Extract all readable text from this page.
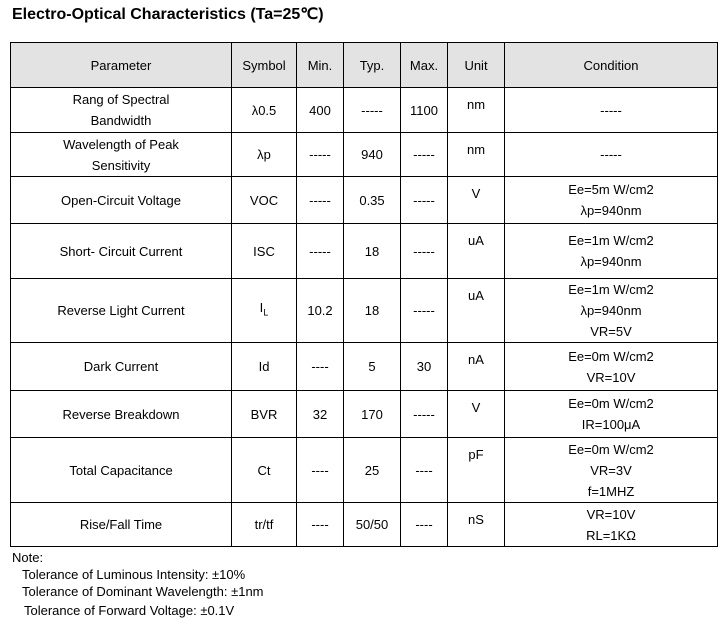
Electro-Optical Characteristics (Ta=25℃)
Parameter	Symbol	Min.	Typ.	Max.	Unit	Condition

Rang of Spectral
Bandwidth	λ0.5	400	-----	1100	nm	-----

Wavelength of Peak
Sensitivity	λp	-----	940	-----	nm	-----

Open-Circuit Voltage	VOC	-----	0.35	-----	V	Ee=5m W/cm2
λp=940nm

Short- Circuit Current	ISC	-----	18	-----	uA	Ee=1m W/cm2
λp=940nm

Reverse Light Current	$I_L$	10.2	18	-----	uA	Ee=1m W/cm2
λp=940nm
VR=5V

Dark Current	Id	----	5	30	nA	Ee=0m W/cm2
VR=10V

Reverse Breakdown	BVR	32	170	-----	V	Ee=0m W/cm2
IR=100μA

Total Capacitance	Ct	----	25	----	pF	Ee=0m W/cm2
VR=3V
f=1MHZ

Rise/Fall Time	tr/tf	----	50/50	----	nS	VR=10V
RL=1KΩ

Note:

Tolerance of Luminous Intensity: ±10%

Tolerance of Dominant Wavelength: ±1nm

Tolerance of Forward Voltage: ±0.1V
